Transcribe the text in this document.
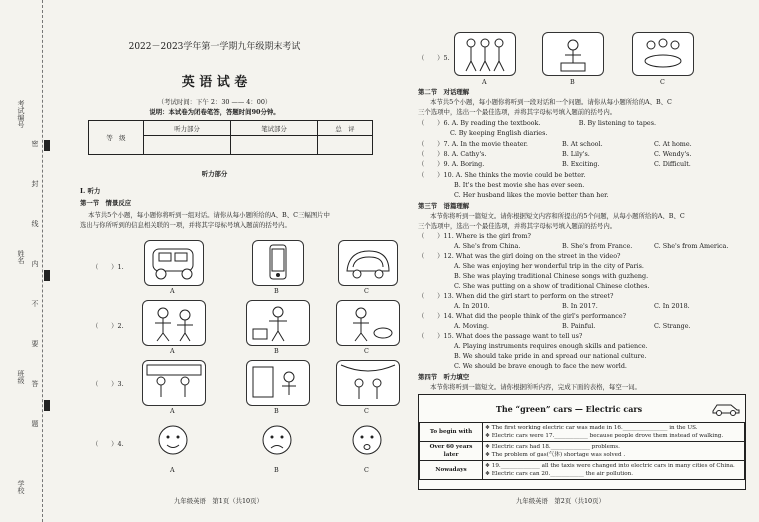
考试编号
姓名
班级
学校
密
封
线
内
不
要
答
题
2022－2023学年第一学期九年级期末考试
英 语 试 卷
（考试时间：下午 2：30 —— 4：00）
说明：本试卷为闭卷笔答，答题时间90分钟。
等　级	听力部分	笔试部分	总　评

听力部分
Ⅰ. 听力
第一节　情景反应
本节共5个小题，每小题你将听到一组对话。请你从每小题所给的A、B、C三幅图片中
选出与你所听到的信息相关联的一项，并将其字母标号填入题前的括号内。
（　　）1.
A	B	C
（　　）2.
A	B	C
（　　）3.
A	B	C
（　　）4.
A	B	C
九年级英语　第1页（共10页）
（　　）5.
A	B	C
第二节　对话理解
本节共5个小题，每小题你将听到一段对话和一个问题。请你从每小题所给的A、B、C
三个选项中，选出一个最佳选项，并将其字母标号填入题前的括号内。
（　　）6. A. By reading the textbook.　　　　　　B. By listening to tapes.
C. By keeping English diaries.
（　　）7. A. In the movie theater.	B. At school.	C. At home.
（　　）8. A. Cathy's.	B. Lily's.	C. Wendy's.
（　　）9. A. Boring.	B. Exciting.	C. Difficult.
（　　）10. A. She thinks the movie could be better.
B. It's the best movie she has ever seen.
C. Her husband likes the movie better than her.
第三节　语篇理解
本节你将听到一篇短文。请你根据短文内容和所提出的5个问题，从每小题所给的A、B、C
三个选项中，选出一个最佳选项，并将其字母标号填入题前的括号内。
（　　）11. Where is the girl from?
A. She's from China.	B. She's from France.	C. She's from America.
（　　）12. What was the girl doing on the street in the video?
A. She was enjoying her wonderful trip in the city of Paris.
B. She was playing traditional Chinese songs with guzheng.
C. She was putting on a show of traditional Chinese clothes.
（　　）13. When did the girl start to perform on the street?
A. In 2010.	B. In 2017.	C. In 2018.
（　　）14. What did the people think of the girl's performance?
A. Moving.	B. Painful.	C. Strange.
（　　）15. What does the passage want to tell us?
A. Playing instruments requires enough skills and patience.
B. We should take pride in and spread our national culture.
C. We should be brave enough to face the new world.
第四节　听力填空
本节你将听到一篇短文。请你根据所听内容，完成下面的表格，每空一词。
The “green” cars — Electric cars
To begin with	❖ The first working electric car was made in 16.________________ in the US.
❖ Electric cars were 17.____________ because people drove them instead of walking.

Over 60 years later	❖ Electric cars had 18.______________ problems.
❖ The problem of gas(气体) shortage was solved .

Nowadays	❖ 19.______________ all the taxis were changed into electric cars in many cities of China.
❖ Electric cars can 20.____________ the air pollution.
九年级英语　第2页（共10页）
